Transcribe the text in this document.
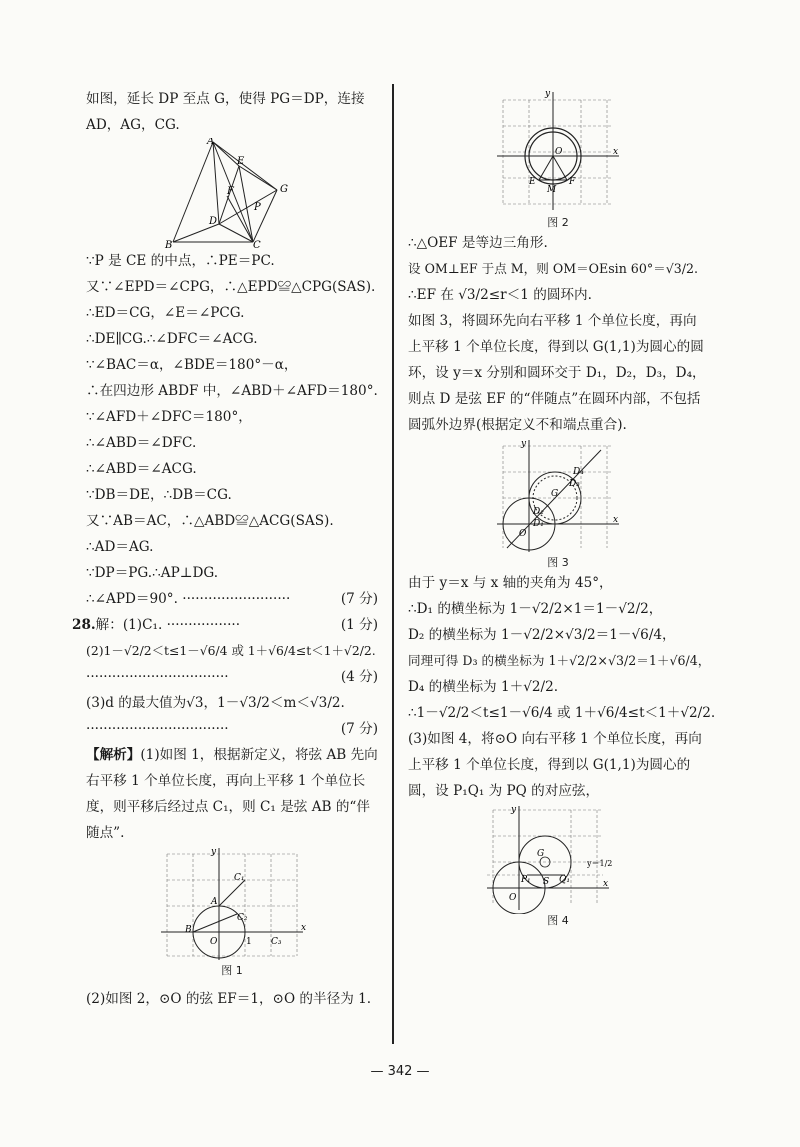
如图，延长 DP 至点 G，使得 PG＝DP，连接
AD，AG，CG.
A
E
G
F
P
D
B	C
∵P 是 CE 的中点，∴PE＝PC.
又∵∠EPD＝∠CPG，∴△EPD≌△CPG(SAS).
∴ED＝CG，∠E＝∠PCG.
∴DE∥CG.∴∠DFC＝∠ACG.
∵∠BAC＝α，∠BDE＝180°－α，
∴在四边形 ABDF 中，∠ABD＋∠AFD＝180°.
∵∠AFD＋∠DFC＝180°，
∴∠ABD＝∠DFC.
∴∠ABD＝∠ACG.
∵DB＝DE，∴DB＝CG.
又∵AB＝AC，∴△ABD≌△ACG(SAS).
∴AD＝AG.
∵DP＝PG.∴AP⊥DG.
∴∠APD＝90°. ·························	(7 分)
28.解：(1)C₁. ·················	(1 分)
(2)1－√2/2＜t≤1－√6/4 或 1＋√6/4≤t＜1＋√2/2.
·································	(4 分)
(3)d 的最大值为√3，1－√3/2＜m＜√3/2.
·································	(7 分)
【解析】(1)如图 1，根据新定义，将弦 AB 先向右平移 1 个单位长度，再向上平移 1 个单位长度，则平移后经过点 C₁，则 C₁ 是弦 AB 的“伴随点”.
y
C₁
A
C₂
B
O	1 C₃
x
图 1
(2)如图 2，⊙O 的弦 EF＝1，⊙O 的半径为 1.
y
O	x
E
M
F
图 2
∴△OEF 是等边三角形.
设 OM⊥EF 于点 M，则 OM＝OEsin 60°＝√3/2.
∴EF 在 √3/2≤r＜1 的圆环内.
如图 3，将圆环先向右平移 1 个单位长度，再向上平移 1 个单位长度，得到以 G(1,1)为圆心的圆环，设 y＝x 分别和圆环交于 D₁，D₂，D₃，D₄，则点 D 是弦 EF 的“伴随点”在圆环内部，不包括圆弧外边界(根据定义不和端点重合).
y
D₄
D₃
G
D₂
D₁
O
x
图 3
由于 y＝x 与 x 轴的夹角为 45°，
∴D₁ 的横坐标为 1－√2/2×1＝1－√2/2，
D₂ 的横坐标为 1－√2/2×√3/2＝1－√6/4，
同理可得 D₃ 的横坐标为 1＋√2/2×√3/2＝1＋√6/4，
D₄ 的横坐标为 1＋√2/2.
∴1－√2/2＜t≤1－√6/4 或 1＋√6/4≤t＜1＋√2/2.
(3)如图 4，将⊙O 向右平移 1 个单位长度，再向上平移 1 个单位长度，得到以 G(1,1)为圆心的圆，设 P₁Q₁ 为 PQ 的对应弦，
y
G
y＝1/2
P₁ S Q₁
O
x
图 4
— 342 —
